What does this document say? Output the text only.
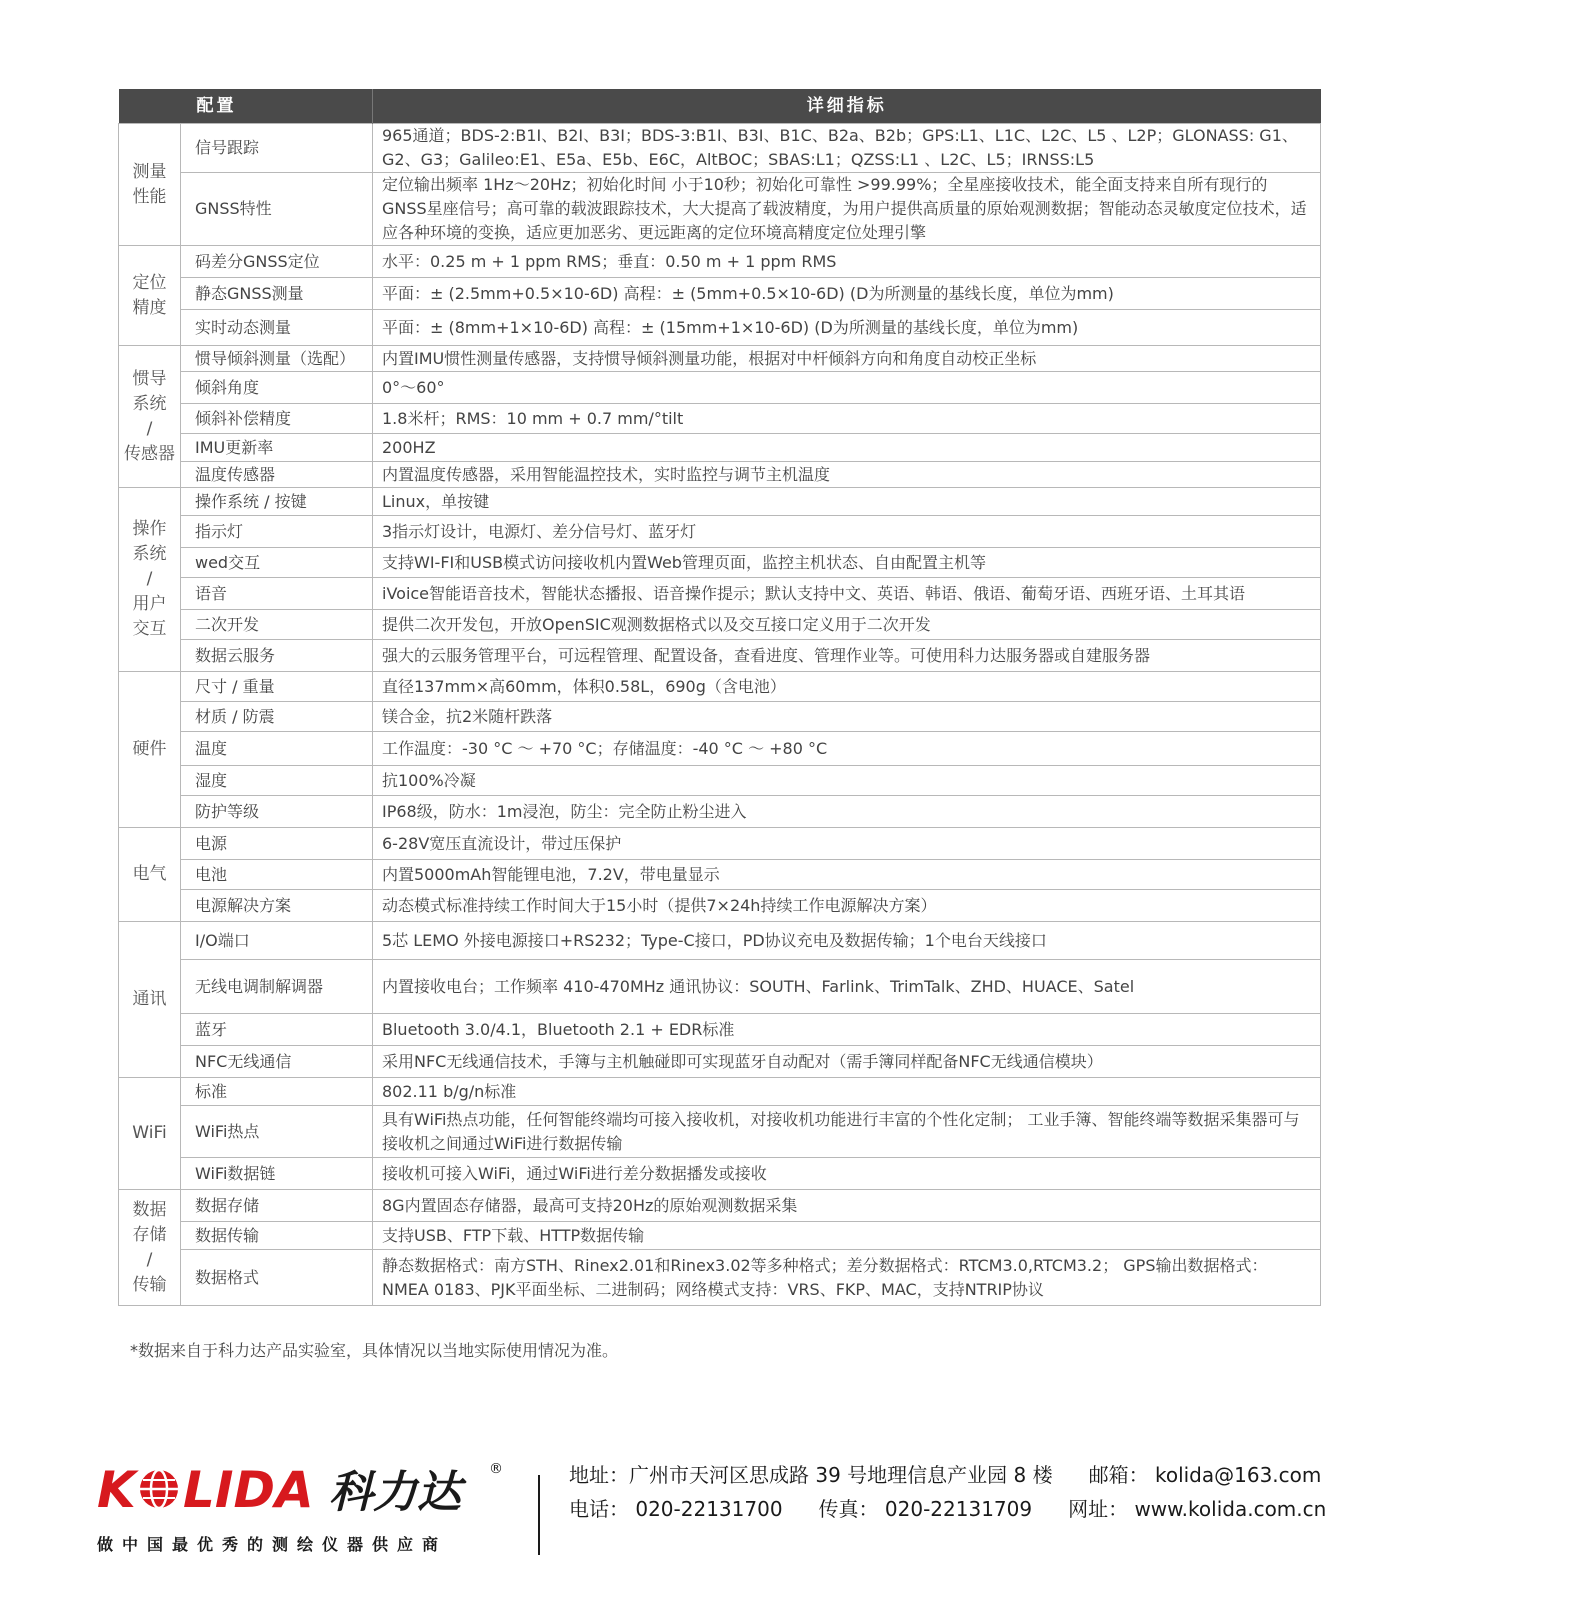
配置		详细指标
测量
性能	信号跟踪	965通道；BDS-2:B1I、B2I、B3I；BDS-3:B1I、B3I、B1C、B2a、B2b；GPS:L1、L1C、L2C、L5 、L2P；GLONASS: G1、G2、G3；Galileo:E1、E5a、E5b、E6C，AltBOC；SBAS:L1；QZSS:L1 、L2C、L5；IRNSS:L5
	GNSS特性	定位输出频率 1Hz～20Hz；初始化时间 小于10秒；初始化可靠性 >99.99%；全星座接收技术，能全面支持来自所有现行的GNSS星座信号；高可靠的载波跟踪技术，大大提高了载波精度，为用户提供高质量的原始观测数据；智能动态灵敏度定位技术，适应各种环境的变换，适应更加恶劣、更远距离的定位环境高精度定位处理引擎
定位
精度	码差分GNSS定位	水平：0.25 m + 1 ppm RMS；垂直：0.50 m + 1 ppm RMS
	静态GNSS测量	平面：± (2.5mm+0.5×10-6D) 高程：± (5mm+0.5×10-6D) (D为所测量的基线长度，单位为mm)
	实时动态测量	平面：± (8mm+1×10-6D) 高程：± (15mm+1×10-6D) (D为所测量的基线长度，单位为mm)
惯导
系统
/
传感器	惯导倾斜测量（选配）	内置IMU惯性测量传感器，支持惯导倾斜测量功能，根据对中杆倾斜方向和角度自动校正坐标
	倾斜角度	0°～60°
	倾斜补偿精度	1.8米杆；RMS：10 mm + 0.7 mm/°tilt
	IMU更新率	200HZ
	温度传感器	内置温度传感器，采用智能温控技术，实时监控与调节主机温度
操作
系统
/
用户
交互	操作系统 / 按键	Linux，单按键
	指示灯	3指示灯设计，电源灯、差分信号灯、蓝牙灯
	wed交互	支持WI-FI和USB模式访问接收机内置Web管理页面，监控主机状态、自由配置主机等
	语音	iVoice智能语音技术，智能状态播报、语音操作提示；默认支持中文、英语、韩语、俄语、葡萄牙语、西班牙语、土耳其语
	二次开发	提供二次开发包，开放OpenSIC观测数据格式以及交互接口定义用于二次开发
	数据云服务	强大的云服务管理平台，可远程管理、配置设备，查看进度、管理作业等。可使用科力达服务器或自建服务器
硬件	尺寸 / 重量	直径137mm×高60mm，体积0.58L，690g（含电池）
	材质 / 防震	镁合金，抗2米随杆跌落
	温度	工作温度：-30 °C ～ +70 °C；存储温度：-40 °C ～ +80 °C
	湿度	抗100%冷凝
	防护等级	IP68级，防水：1m浸泡，防尘：完全防止粉尘进入
电气	电源	6-28V宽压直流设计，带过压保护
	电池	内置5000mAh智能锂电池，7.2V，带电量显示
	电源解决方案	动态模式标准持续工作时间大于15小时（提供7×24h持续工作电源解决方案）
通讯	I/O端口	5芯 LEMO 外接电源接口+RS232；Type-C接口，PD协议充电及数据传输；1个电台天线接口
	无线电调制解调器	内置接收电台；工作频率 410-470MHz 通讯协议：SOUTH、Farlink、TrimTalk、ZHD、HUACE、Satel
	蓝牙	Bluetooth 3.0/4.1，Bluetooth 2.1 + EDR标准
	NFC无线通信	采用NFC无线通信技术，手簿与主机触碰即可实现蓝牙自动配对（需手簿同样配备NFC无线通信模块）
WiFi	标准	802.11 b/g/n标准
	WiFi热点	具有WiFi热点功能，任何智能终端均可接入接收机，对接收机功能进行丰富的个性化定制； 工业手簿、智能终端等数据采集器可与接收机之间通过WiFi进行数据传输
	WiFi数据链	接收机可接入WiFi，通过WiFi进行差分数据播发或接收
数据
存储
/
传输	数据存储	8G内置固态存储器，最高可支持20Hz的原始观测数据采集
	数据传输	支持USB、FTP下载、HTTP数据传输
	数据格式	静态数据格式：南方STH、Rinex2.01和Rinex3.02等多种格式；差分数据格式：RTCM3.0,RTCM3.2； GPS输出数据格式：NMEA 0183、PJK平面坐标、二进制码；网络模式支持：VRS、FKP、MAC，支持NTRIP协议
*数据来自于科力达产品实验室，具体情况以当地实际使用情况为准。
K LIDA 科力达	®
做中国最优秀的测绘仪器供应商
地址：广州市天河区思成路 39 号地理信息产业园 8 楼 邮箱： kolida@163.com
电话： 020-22131700 传真： 020-22131709 网址： www.kolida.com.cn
